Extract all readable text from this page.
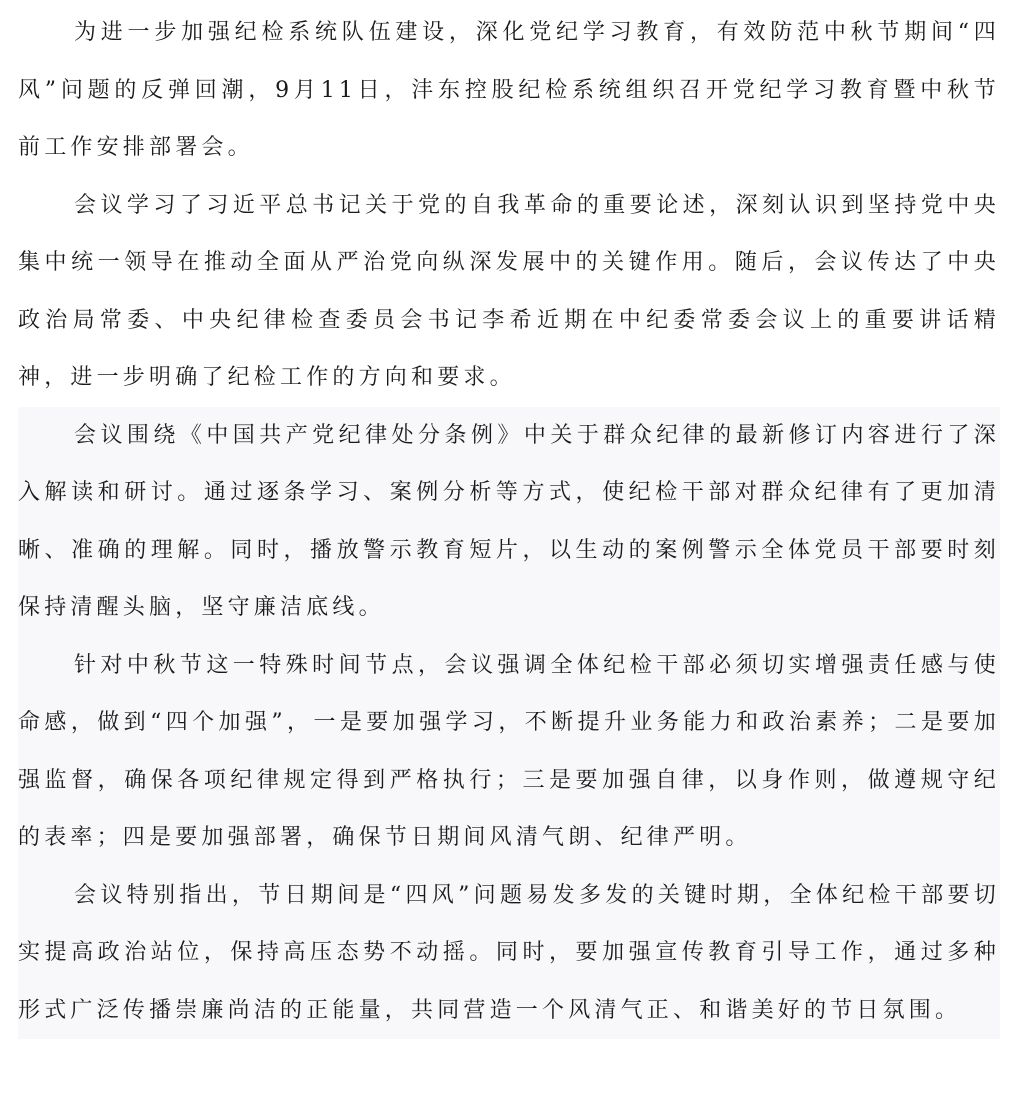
为进一步加强纪检系统队伍建设，深化党纪学习教育，有效防范中秋节期间“四风”问题的反弹回潮，9月11日，沣东控股纪检系统组织召开党纪学习教育暨中秋节前工作安排部署会。

会议学习了习近平总书记关于党的自我革命的重要论述，深刻认识到坚持党中央集中统一领导在推动全面从严治党向纵深发展中的关键作用。随后，会议传达了中央政治局常委、中央纪律检查委员会书记李希近期在中纪委常委会议上的重要讲话精神，进一步明确了纪检工作的方向和要求。

会议围绕《中国共产党纪律处分条例》中关于群众纪律的最新修订内容进行了深入解读和研讨。通过逐条学习、案例分析等方式，使纪检干部对群众纪律有了更加清晰、准确的理解。同时，播放警示教育短片，以生动的案例警示全体党员干部要时刻保持清醒头脑，坚守廉洁底线。

针对中秋节这一特殊时间节点，会议强调全体纪检干部必须切实增强责任感与使命感，做到“四个加强”，一是要加强学习，不断提升业务能力和政治素养；二是要加强监督，确保各项纪律规定得到严格执行；三是要加强自律，以身作则，做遵规守纪的表率；四是要加强部署，确保节日期间风清气朗、纪律严明。

会议特别指出，节日期间是“四风”问题易发多发的关键时期，全体纪检干部要切实提高政治站位，保持高压态势不动摇。同时，要加强宣传教育引导工作，通过多种形式广泛传播崇廉尚洁的正能量，共同营造一个风清气正、和谐美好的节日氛围。
